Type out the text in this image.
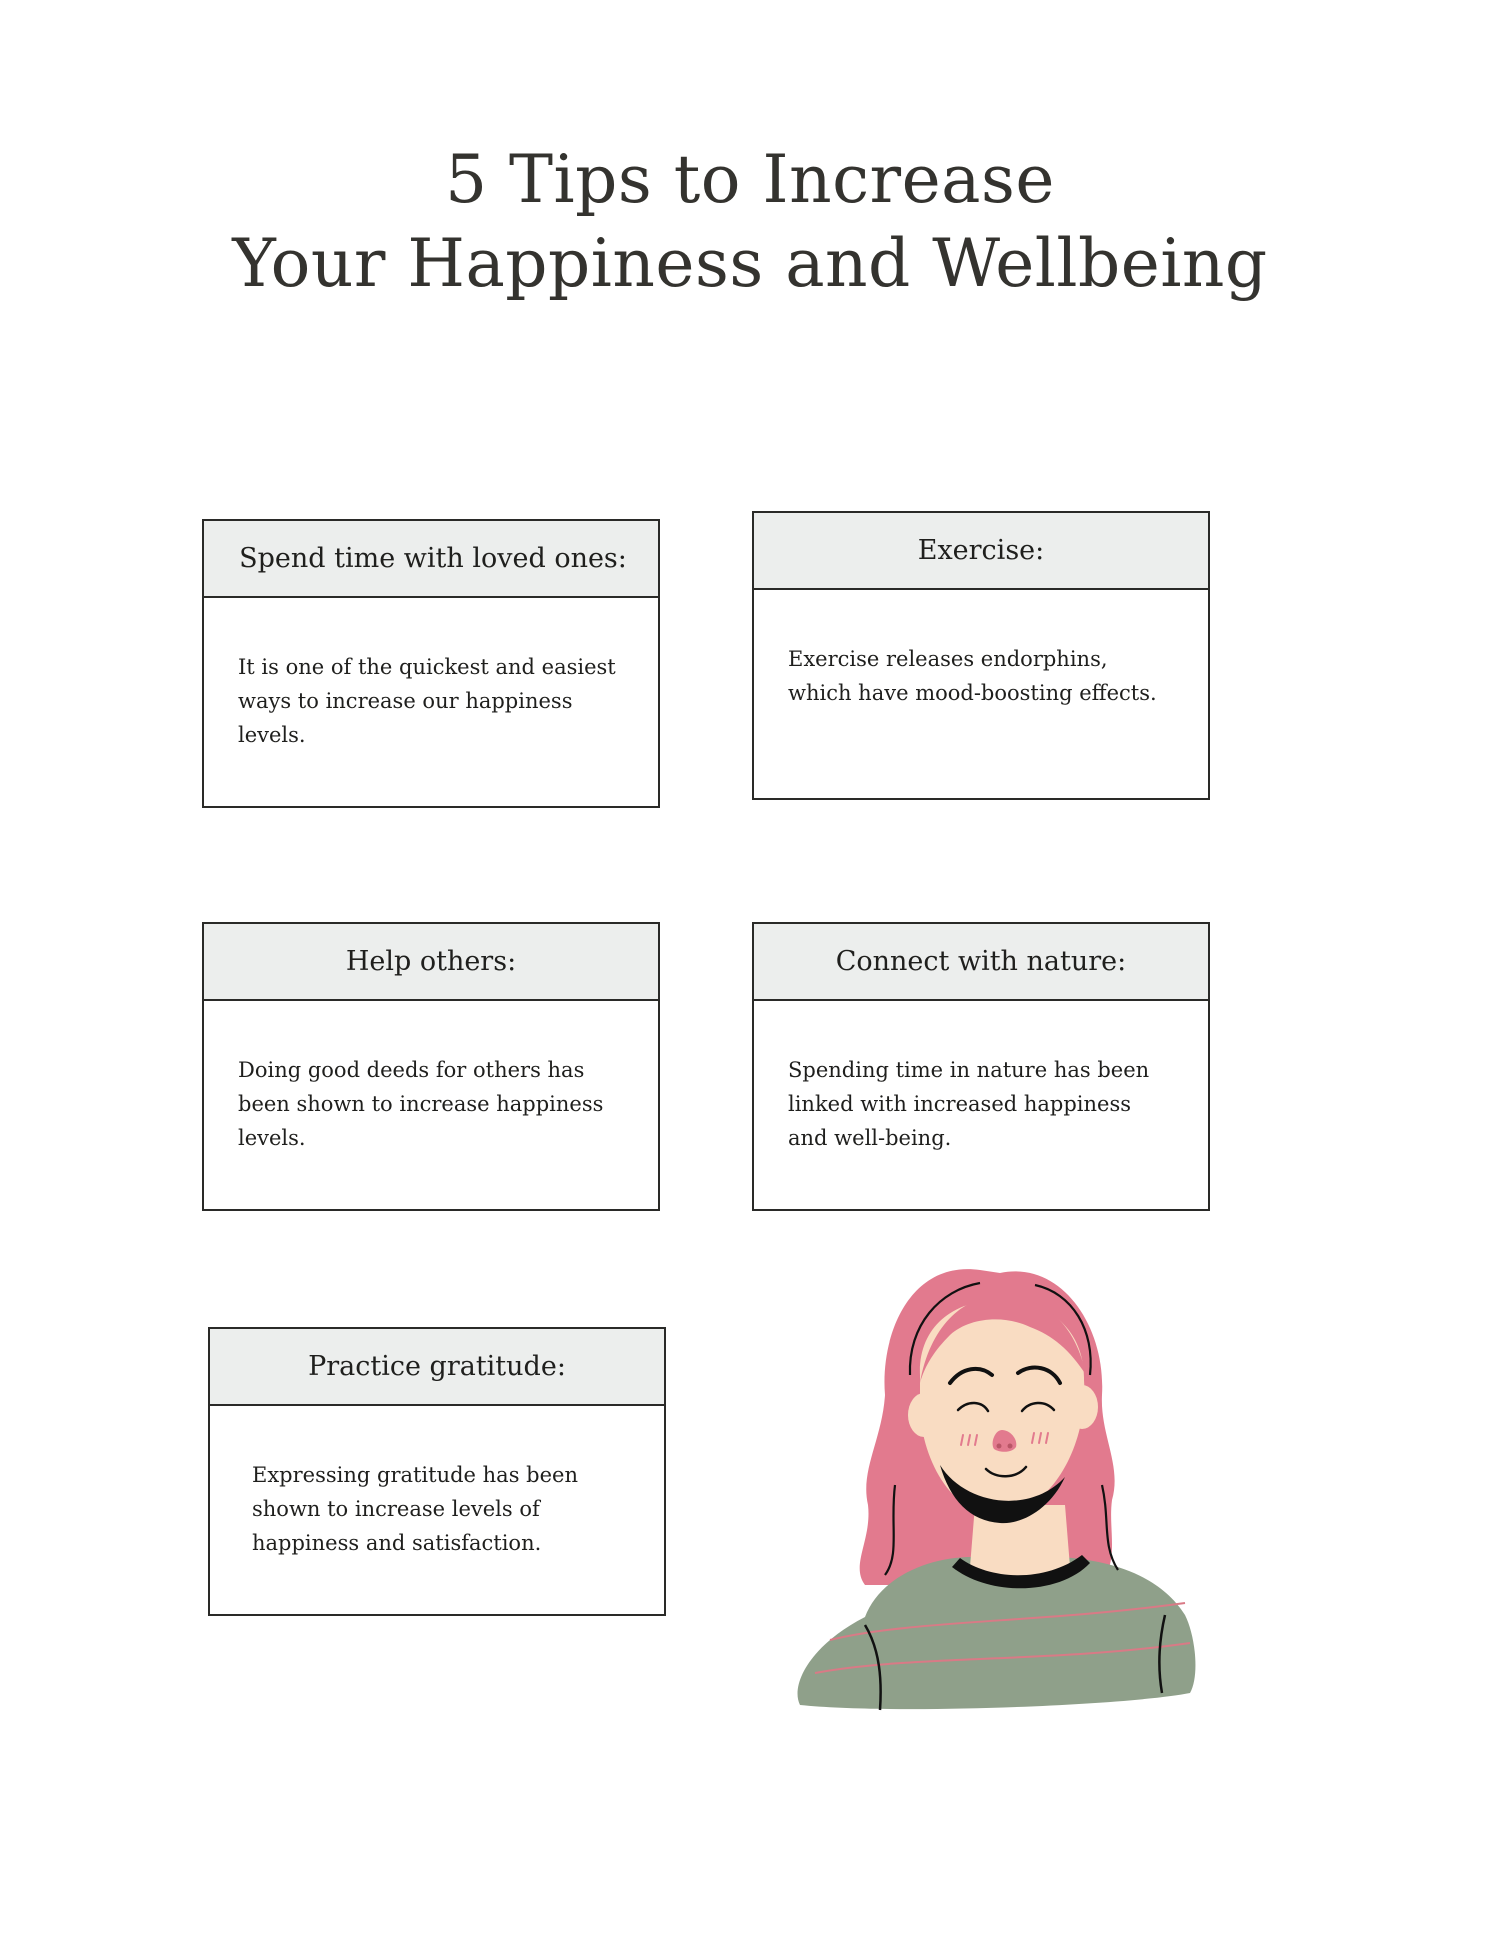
5 Tips to Increase
Your Happiness and Wellbeing
Spend time with loved ones:
It is one of the quickest and easiest ways to increase our happiness levels.
Exercise:
Exercise releases endorphins, which have mood-boosting effects.
Help others:
Doing good deeds for others has been shown to increase happiness levels.
Connect with nature:
Spending time in nature has been linked with increased happiness and well-being.
Practice gratitude:
Expressing gratitude has been shown to increase levels of happiness and satisfaction.
